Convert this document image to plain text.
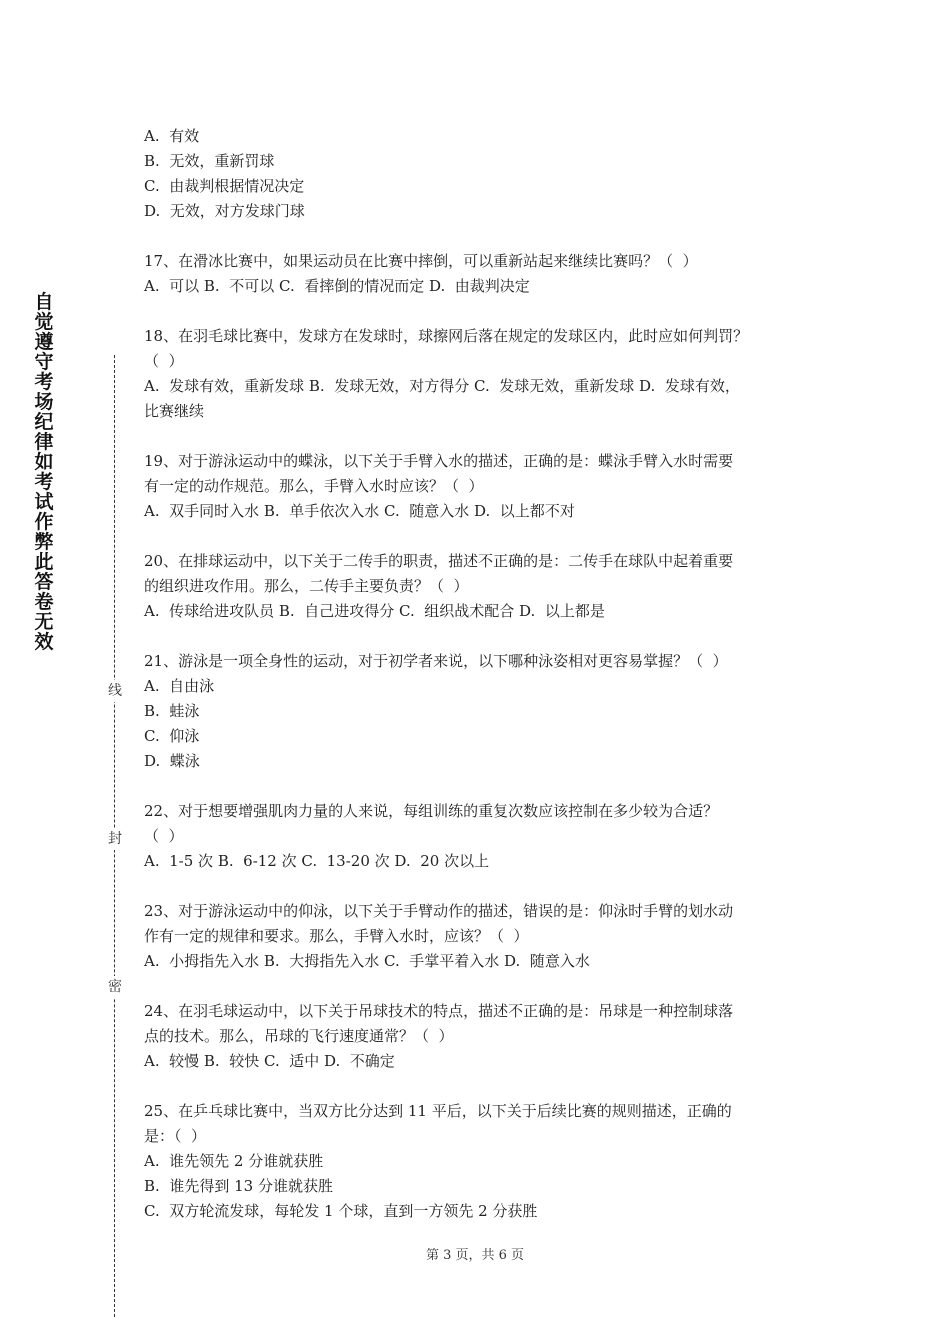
自觉遵守考场纪律如考试作弊此答卷无效
线
封
密
A.  有效
B.  无效，重新罚球
C.  由裁判根据情况决定
D.  无效，对方发球门球
17、在滑冰比赛中，如果运动员在比赛中摔倒，可以重新站起来继续比赛吗？（  ）
A.  可以 B.  不可以 C.  看摔倒的情况而定 D.  由裁判决定
18、在羽毛球比赛中，发球方在发球时，球擦网后落在规定的发球区内，此时应如何判罚？
（  ）
A.  发球有效，重新发球 B.  发球无效，对方得分 C.  发球无效，重新发球 D.  发球有效，
比赛继续
19、对于游泳运动中的蝶泳，以下关于手臂入水的描述，正确的是：蝶泳手臂入水时需要
有一定的动作规范。那么，手臂入水时应该？（  ）
A.  双手同时入水 B.  单手依次入水 C.  随意入水 D.  以上都不对
20、在排球运动中，以下关于二传手的职责，描述不正确的是：二传手在球队中起着重要
的组织进攻作用。那么，二传手主要负责？（  ）
A.  传球给进攻队员 B.  自己进攻得分 C.  组织战术配合 D.  以上都是
21、游泳是一项全身性的运动，对于初学者来说，以下哪种泳姿相对更容易掌握？（  ）
A.  自由泳
B.  蛙泳
C.  仰泳
D.  蝶泳
22、对于想要增强肌肉力量的人来说，每组训练的重复次数应该控制在多少较为合适？
（  ）
A.  1-5 次 B.  6-12 次 C.  13-20 次 D.  20 次以上
23、对于游泳运动中的仰泳，以下关于手臂动作的描述，错误的是：仰泳时手臂的划水动
作有一定的规律和要求。那么，手臂入水时，应该？（  ）
A.  小拇指先入水 B.  大拇指先入水 C.  手掌平着入水 D.  随意入水
24、在羽毛球运动中，以下关于吊球技术的特点，描述不正确的是：吊球是一种控制球落
点的技术。那么，吊球的飞行速度通常？（  ）
A.  较慢 B.  较快 C.  适中 D.  不确定
25、在乒乓球比赛中，当双方比分达到 11 平后，以下关于后续比赛的规则描述，正确的
是：（  ）
A.  谁先领先 2 分谁就获胜
B.  谁先得到 13 分谁就获胜
C.  双方轮流发球，每轮发 1 个球，直到一方领先 2 分获胜
第 3 页，共 6 页
